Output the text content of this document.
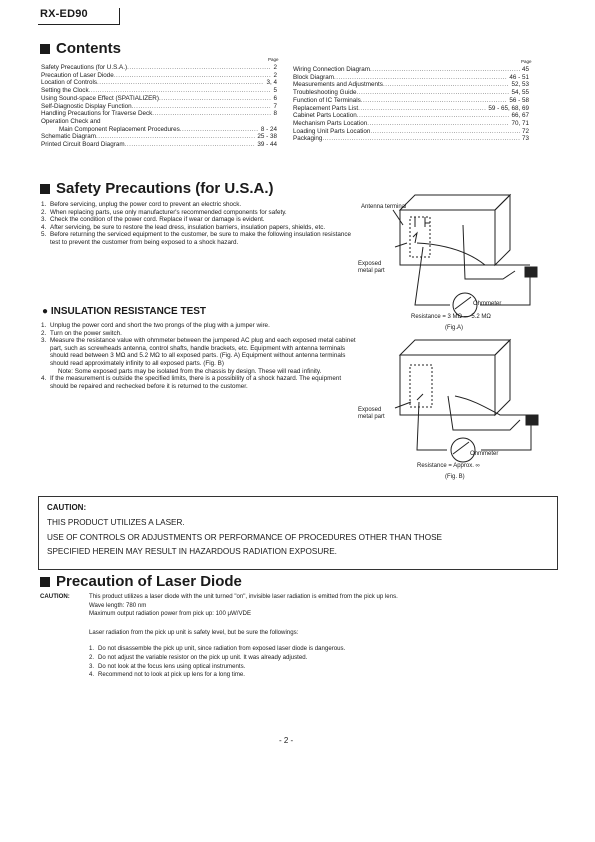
RX-ED90
Contents
Page	Page
Safety Precautions (for U.S.A.) .....	2
Precaution of Laser Diode .....	2
Location of Controls .....	3, 4
Setting the Clock .....	5
Using Sound-space Effect (SPATIALIZER) .....	6
Self-Diagnostic Display Function .....	7
Handling Precautions for Traverse Deck .....	8
Operation Check and
Main Component Replacement Procedures .....	8 - 24
Schematic Diagram .....	25 - 38
Printed Circuit Board Diagram .....	39 - 44
Wiring Connection Diagram .....	45
Block Diagram .....	46 - 51
Measurements and Adjustments .....	52, 53
Troubleshooting Guide .....	54, 55
Function of IC Terminals .....	56 - 58
Replacement Parts List .....	59 - 65, 68, 69
Cabinet Parts Location .....	66, 67
Mechanism Parts Location .....	70, 71
Loading Unit Parts Location .....	72
Packaging .....	73
Safety Precautions (for U.S.A.)
1. Before servicing, unplug the power cord to prevent an electric shock.
2. When replacing parts, use only manufacturer's recommended components for safety.
3. Check the condition of the power cord. Replace if wear or damage is evident.
4. After servicing, be sure to restore the lead dress, insulation barriers, insulation papers, shields, etc.
5. Before returning the serviced equipment to the customer, be sure to make the following insulation resistance test to prevent the customer from being exposed to a shock hazard.
● INSULATION RESISTANCE TEST
1. Unplug the power cord and short the two prongs of the plug with a jumper wire.
2. Turn on the power switch.
3. Measure the resistance value with ohmmeter between the jumpered AC plug and each exposed metal cabinet part, such as screwheads antenna, control shafts, handle brackets, etc. Equipment with antenna terminals should read between 3 MΩ and 5.2 MΩ to all exposed parts. (Fig. A) Equipment without antenna terminals should read approximately infinity to all exposed parts. (Fig. B)
Note: Some exposed parts may be isolated from the chassis by design. These will read infinity.
4. If the measurement is outside the specified limits, there is a possibility of a shock hazard. The equipment should be repaired and rechecked before it is returned to the customer.
Antenna terminal
Exposed metal part
Ohmmeter
Resistance = 3 MΩ — 5.2 MΩ
(Fig.A)
Exposed metal part
Ohmmeter
Resistance = Approx. ∞
(Fig. B)
CAUTION:
THIS PRODUCT UTILIZES A LASER.
USE OF CONTROLS OR ADJUSTMENTS OR PERFORMANCE OF PROCEDURES OTHER THAN THOSE
SPECIFIED HEREIN MAY RESULT IN HAZARDOUS RADIATION EXPOSURE.
Precaution of Laser Diode
CAUTION:	This product utilizes a laser diode with the unit turned "on", invisible laser radiation is emitted from the pick up lens.
Wave length: 780 nm
Maximum output radiation power from pick up: 100 μW/VDE
Laser radiation from the pick up unit is safety level, but be sure the followings:
1. Do not disassemble the pick up unit, since radiation from exposed laser diode is dangerous.
2. Do not adjust the variable resistor on the pick up unit. It was already adjusted.
3. Do not look at the focus lens using optical instruments.
4. Recommend not to look at pick up lens for a long time.
- 2 -
